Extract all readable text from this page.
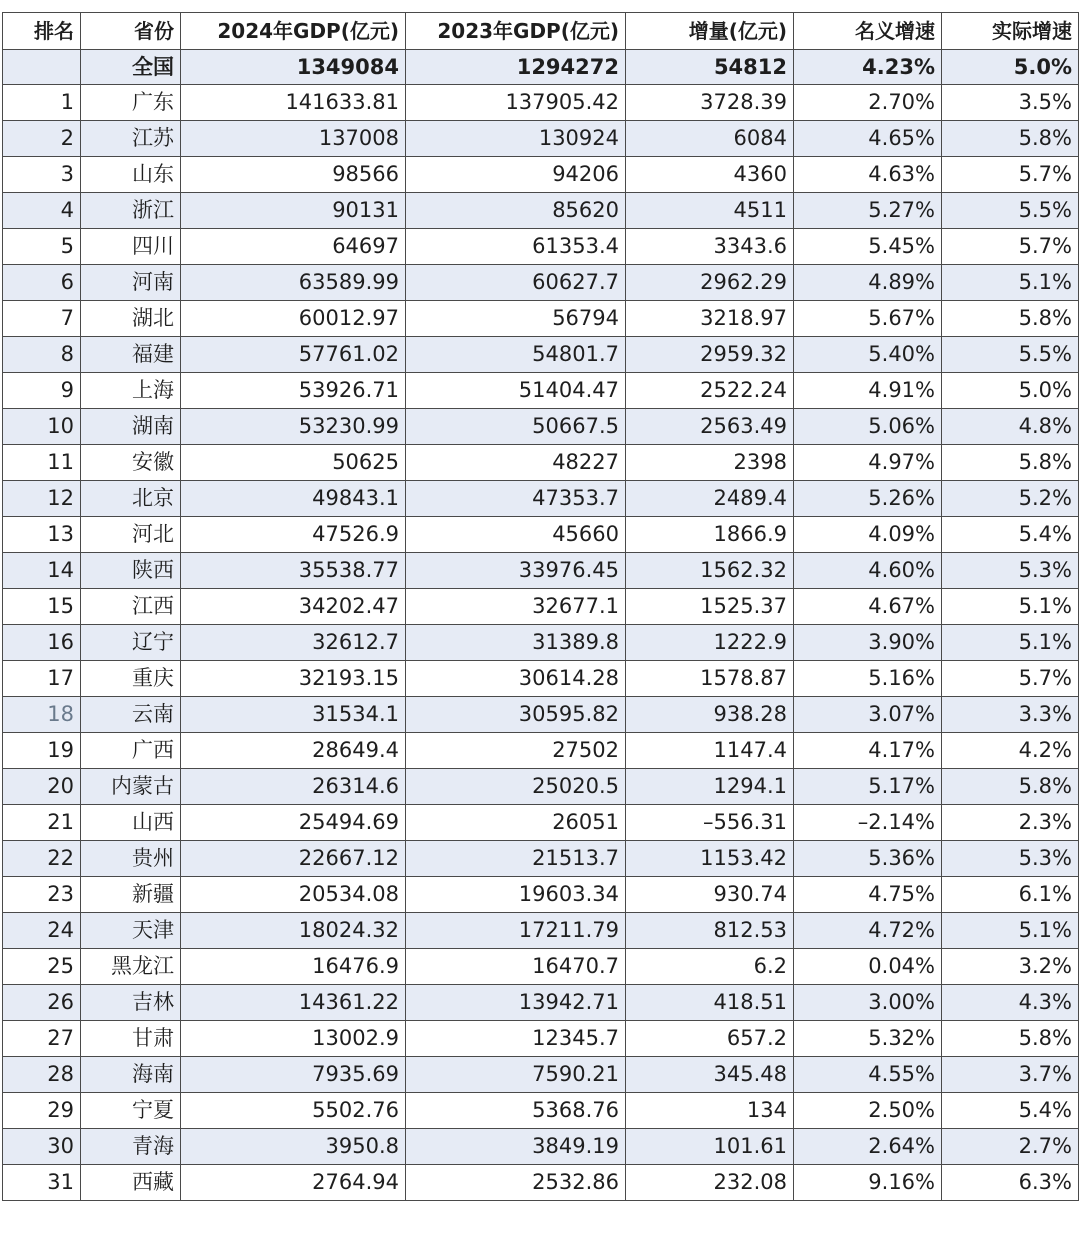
排名	省份	2024年GDP(亿元)	2023年GDP(亿元)	增量(亿元)	名义增速	实际增速
	全国	1349084	1294272	54812	4.23%	5.0%
1	广东	141633.81	137905.42	3728.39	2.70%	3.5%
2	江苏	137008	130924	6084	4.65%	5.8%
3	山东	98566	94206	4360	4.63%	5.7%
4	浙江	90131	85620	4511	5.27%	5.5%
5	四川	64697	61353.4	3343.6	5.45%	5.7%
6	河南	63589.99	60627.7	2962.29	4.89%	5.1%
7	湖北	60012.97	56794	3218.97	5.67%	5.8%
8	福建	57761.02	54801.7	2959.32	5.40%	5.5%
9	上海	53926.71	51404.47	2522.24	4.91%	5.0%
10	湖南	53230.99	50667.5	2563.49	5.06%	4.8%
11	安徽	50625	48227	2398	4.97%	5.8%
12	北京	49843.1	47353.7	2489.4	5.26%	5.2%
13	河北	47526.9	45660	1866.9	4.09%	5.4%
14	陕西	35538.77	33976.45	1562.32	4.60%	5.3%
15	江西	34202.47	32677.1	1525.37	4.67%	5.1%
16	辽宁	32612.7	31389.8	1222.9	3.90%	5.1%
17	重庆	32193.15	30614.28	1578.87	5.16%	5.7%
18	云南	31534.1	30595.82	938.28	3.07%	3.3%
19	广西	28649.4	27502	1147.4	4.17%	4.2%
20	内蒙古	26314.6	25020.5	1294.1	5.17%	5.8%
21	山西	25494.69	26051	–556.31	–2.14%	2.3%
22	贵州	22667.12	21513.7	1153.42	5.36%	5.3%
23	新疆	20534.08	19603.34	930.74	4.75%	6.1%
24	天津	18024.32	17211.79	812.53	4.72%	5.1%
25	黑龙江	16476.9	16470.7	6.2	0.04%	3.2%
26	吉林	14361.22	13942.71	418.51	3.00%	4.3%
27	甘肃	13002.9	12345.7	657.2	5.32%	5.8%
28	海南	7935.69	7590.21	345.48	4.55%	3.7%
29	宁夏	5502.76	5368.76	134	2.50%	5.4%
30	青海	3950.8	3849.19	101.61	2.64%	2.7%
31	西藏	2764.94	2532.86	232.08	9.16%	6.3%
